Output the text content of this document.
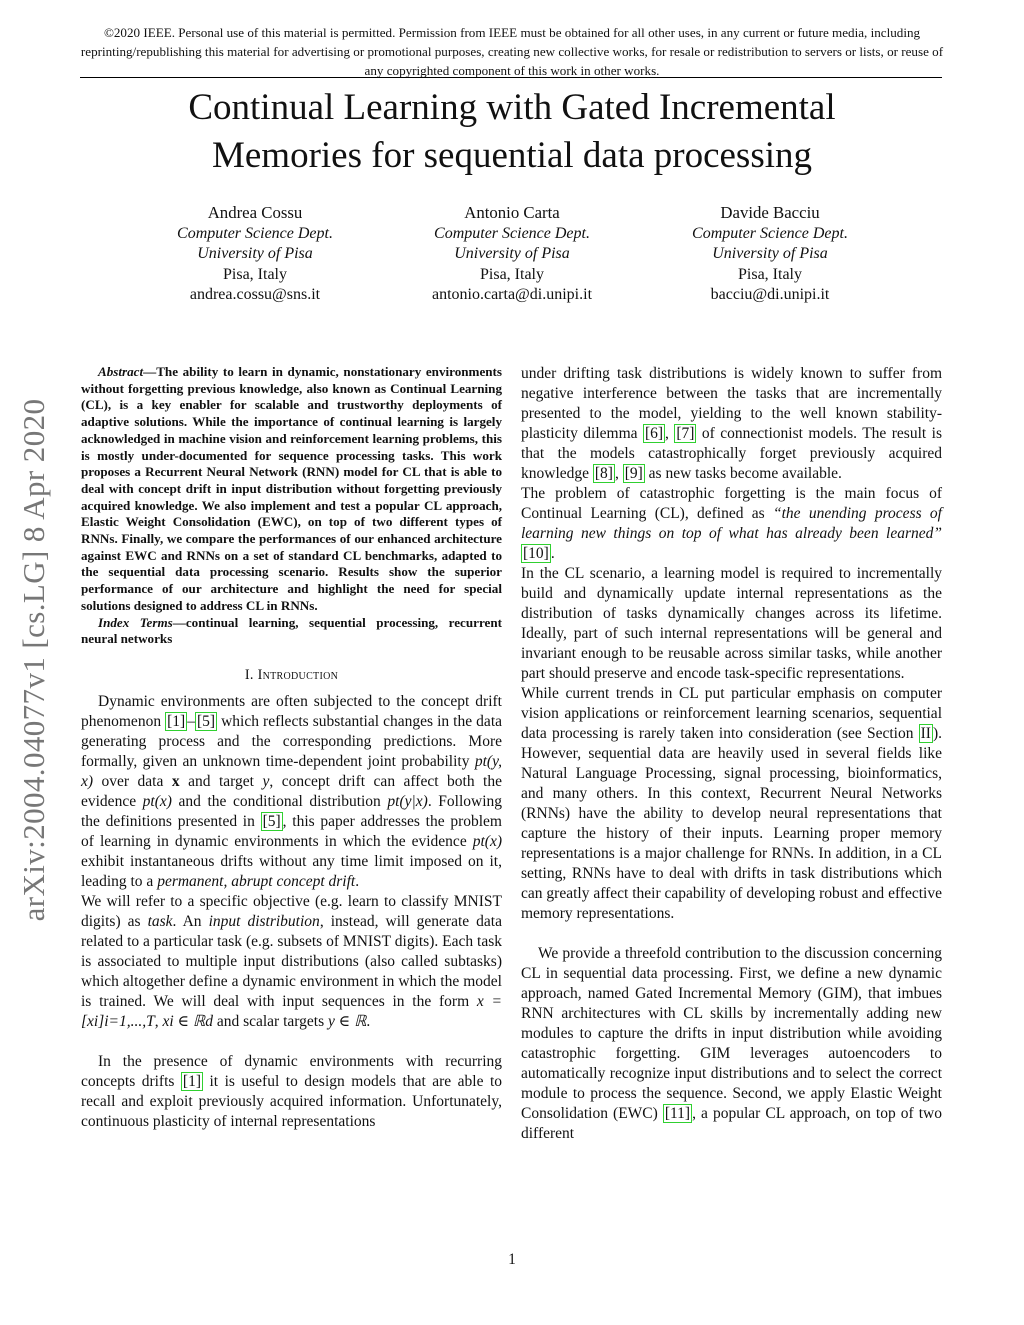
©2020 IEEE. Personal use of this material is permitted. Permission from IEEE must be obtained for all other uses, in any current or future media, including reprinting/republishing this material for advertising or promotional purposes, creating new collective works, for resale or redistribution to servers or lists, or reuse of any copyrighted component of this work in other works.
Continual Learning with Gated Incremental
Memories for sequential data processing
Andrea Cossu
Computer Science Dept.
University of Pisa
Pisa, Italy
andrea.cossu@sns.it
Antonio Carta
Computer Science Dept.
University of Pisa
Pisa, Italy
antonio.carta@di.unipi.it
Davide Bacciu
Computer Science Dept.
University of Pisa
Pisa, Italy
bacciu@di.unipi.it
arXiv:2004.04077v1 [cs.LG] 8 Apr 2020

Abstract—The ability to learn in dynamic, nonstationary environments without forgetting previous knowledge, also known as Continual Learning (CL), is a key enabler for scalable and trustworthy deployments of adaptive solutions. While the importance of continual learning is largely acknowledged in machine vision and reinforcement learning problems, this is mostly under-documented for sequence processing tasks. This work proposes a Recurrent Neural Network (RNN) model for CL that is able to deal with concept drift in input distribution without forgetting previously acquired knowledge. We also implement and test a popular CL approach, Elastic Weight Consolidation (EWC), on top of two different types of RNNs. Finally, we compare the performances of our enhanced architecture against EWC and RNNs on a set of standard CL benchmarks, adapted to the sequential data processing scenario. Results show the superior performance of our architecture and highlight the need for special solutions designed to address CL in RNNs.

Index Terms—continual learning, sequential processing, recurrent neural networks

I. Introduction

Dynamic environments are often subjected to the concept drift phenomenon [1] – [5] which reflects substantial changes in the data generating process and the corresponding predictions. More formally, given an unknown time-dependent joint probability pt(y, x) over data x and target y, concept drift can affect both the evidence pt(x) and the conditional distribution pt(y|x). Following the definitions presented in [5] , this paper addresses the problem of learning in dynamic environments in which the evidence pt(x) exhibit instantaneous drifts without any time limit imposed on it, leading to a permanent, abrupt concept drift.

We will refer to a specific objective (e.g. learn to classify MNIST digits) as task. An input distribution, instead, will generate data related to a particular task (e.g. subsets of MNIST digits). Each task is associated to multiple input distributions (also called subtasks) which altogether define a dynamic environment in which the model is trained. We will deal with input sequences in the form x = [xi]i=1,...,T, xi ∈ ℝd and scalar targets y ∈ ℝ.

In the presence of dynamic environments with recurring concepts drifts [1] it is useful to design models that are able to recall and exploit previously acquired information. Unfortunately, continuous plasticity of internal representations

under drifting task distributions is widely known to suffer from negative interference between the tasks that are incrementally presented to the model, yielding to the well known stability-plasticity dilemma [6] , [7] of connectionist models. The result is that the models catastrophically forget previously acquired knowledge [8] , [9] as new tasks become available.

The problem of catastrophic forgetting is the main focus of Continual Learning (CL), defined as “the unending process of learning new things on top of what has already been learned” [10] .

In the CL scenario, a learning model is required to incrementally build and dynamically update internal representations as the distribution of tasks dynamically changes across its lifetime. Ideally, part of such internal representations will be general and invariant enough to be reusable across similar tasks, while another part should preserve and encode task-specific representations.

While current trends in CL put particular emphasis on computer vision applications or reinforcement learning scenarios, sequential data processing is rarely taken into consideration (see Section II ). However, sequential data are heavily used in several fields like Natural Language Processing, signal processing, bioinformatics, and many others. In this context, Recurrent Neural Networks (RNNs) have the ability to develop neural representations that capture the history of their inputs. Learning proper memory representations is a major challenge for RNNs. In addition, in a CL setting, RNNs have to deal with drifts in task distributions which can greatly affect their capability of developing robust and effective memory representations.

We provide a threefold contribution to the discussion concerning CL in sequential data processing. First, we define a new dynamic approach, named Gated Incremental Memory (GIM), that imbues RNN architectures with CL skills by incrementally adding new modules to capture the drifts in input distribution while avoiding catastrophic forgetting. GIM leverages autoencoders to automatically recognize input distributions and to select the correct module to process the sequence. Second, we apply Elastic Weight Consolidation (EWC) [11] , a popular CL approach, on top of two different

1
